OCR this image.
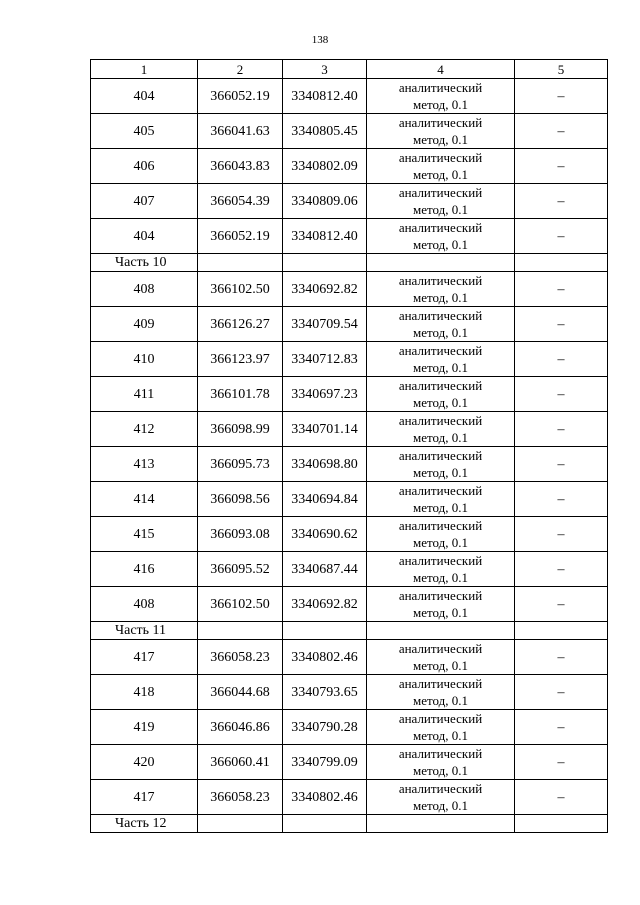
138
1	2	3	4	5
404	366052.19	3340812.40	аналитический
метод, 0.1	–
405	366041.63	3340805.45	аналитический
метод, 0.1	–
406	366043.83	3340802.09	аналитический
метод, 0.1	–
407	366054.39	3340809.06	аналитический
метод, 0.1	–
404	366052.19	3340812.40	аналитический
метод, 0.1	–
Часть 10				
408	366102.50	3340692.82	аналитический
метод, 0.1	–
409	366126.27	3340709.54	аналитический
метод, 0.1	–
410	366123.97	3340712.83	аналитический
метод, 0.1	–
411	366101.78	3340697.23	аналитический
метод, 0.1	–
412	366098.99	3340701.14	аналитический
метод, 0.1	–
413	366095.73	3340698.80	аналитический
метод, 0.1	–
414	366098.56	3340694.84	аналитический
метод, 0.1	–
415	366093.08	3340690.62	аналитический
метод, 0.1	–
416	366095.52	3340687.44	аналитический
метод, 0.1	–
408	366102.50	3340692.82	аналитический
метод, 0.1	–
Часть 11				
417	366058.23	3340802.46	аналитический
метод, 0.1	–
418	366044.68	3340793.65	аналитический
метод, 0.1	–
419	366046.86	3340790.28	аналитический
метод, 0.1	–
420	366060.41	3340799.09	аналитический
метод, 0.1	–
417	366058.23	3340802.46	аналитический
метод, 0.1	–
Часть 12				
